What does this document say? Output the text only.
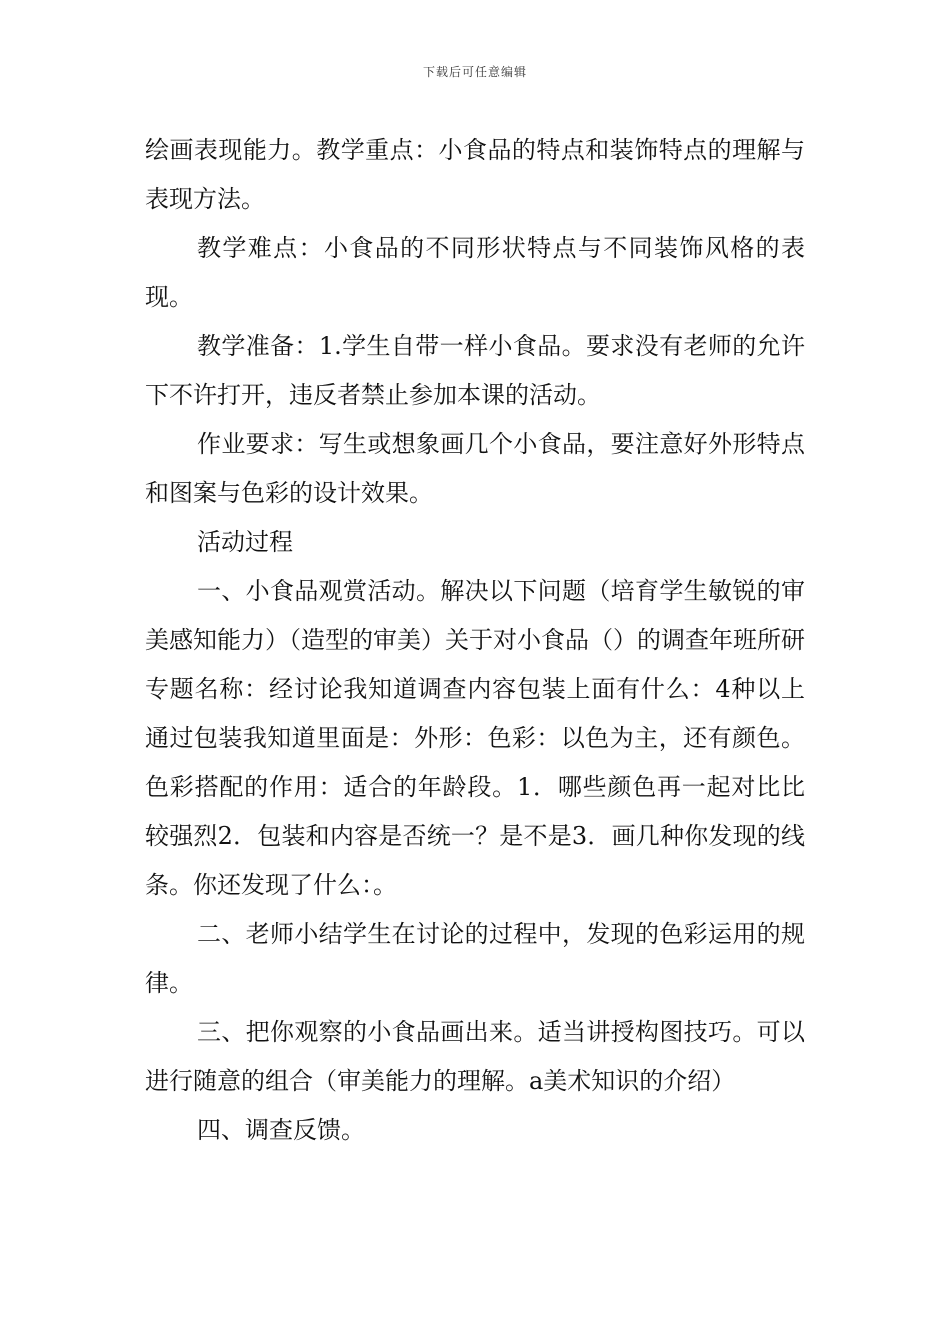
下载后可任意编辑

绘画表现能力。教学重点：小食品的特点和装饰特点的理解与表现方法。

教学难点：小食品的不同形状特点与不同装饰风格的表现。

教学准备：1.学生自带一样小食品。要求没有老师的允许下不许打开，违反者禁止参加本课的活动。

作业要求：写生或想象画几个小食品，要注意好外形特点和图案与色彩的设计效果。

活动过程

一、小食品观赏活动。解决以下问题（培育学生敏锐的审美感知能力）（造型的审美）关于对小食品（）的调查年班所研专题名称：经讨论我知道调查内容包装上面有什么：4种以上通过包装我知道里面是：外形：色彩：以色为主，还有颜色。色彩搭配的作用：适合的年龄段。1．哪些颜色再一起对比比较强烈2．包装和内容是否统一？是不是3．画几种你发现的线条。你还发现了什么：。

二、老师小结学生在讨论的过程中，发现的色彩运用的规律。

三、把你观察的小食品画出来。适当讲授构图技巧。可以进行随意的组合（审美能力的理解。a美术知识的介绍）

四、调查反馈。
